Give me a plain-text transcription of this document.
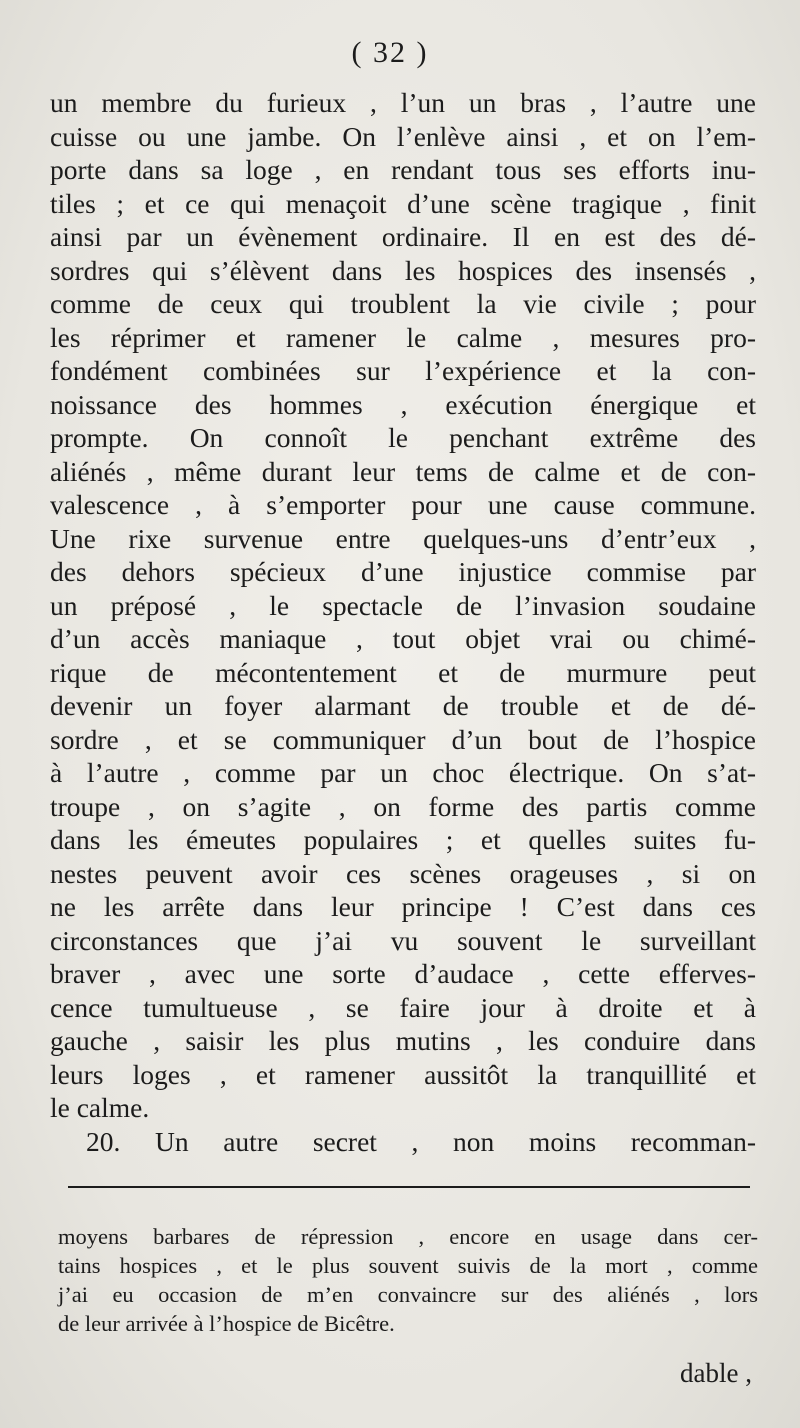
( 32 )
un membre du furieux , l’un un bras , l’autre une
cuisse ou une jambe. On l’enlève ainsi , et on l’em-
porte dans sa loge , en rendant tous ses efforts inu-
tiles ; et ce qui menaçoit d’une scène tragique , finit
ainsi par un évènement ordinaire. Il en est des dé-
sordres qui s’élèvent dans les hospices des insensés ,
comme de ceux qui troublent la vie civile ; pour
les réprimer et ramener le calme , mesures pro-
fondément combinées sur l’expérience et la con-
noissance des hommes , exécution énergique et
prompte. On connoît le penchant extrême des
aliénés , même durant leur tems de calme et de con-
valescence , à s’emporter pour une cause commune.
Une rixe survenue entre quelques-uns d’entr’eux ,
des dehors spécieux d’une injustice commise par
un préposé , le spectacle de l’invasion soudaine
d’un accès maniaque , tout objet vrai ou chimé-
rique de mécontentement et de murmure peut
devenir un foyer alarmant de trouble et de dé-
sordre , et se communiquer d’un bout de l’hospice
à l’autre , comme par un choc électrique. On s’at-
troupe , on s’agite , on forme des partis comme
dans les émeutes populaires ; et quelles suites fu-
nestes peuvent avoir ces scènes orageuses , si on
ne les arrête dans leur principe ! C’est dans ces
circonstances que j’ai vu souvent le surveillant
braver , avec une sorte d’audace , cette efferves-
cence tumultueuse , se faire jour à droite et à
gauche , saisir les plus mutins , les conduire dans
leurs loges , et ramener aussitôt la tranquillité et
le calme.
20. Un autre secret , non moins recomman-
moyens barbares de répression , encore en usage dans cer-
tains hospices , et le plus souvent suivis de la mort , comme
j’ai eu occasion de m’en convaincre sur des aliénés , lors
de leur arrivée à l’hospice de Bicêtre.
dable ,
